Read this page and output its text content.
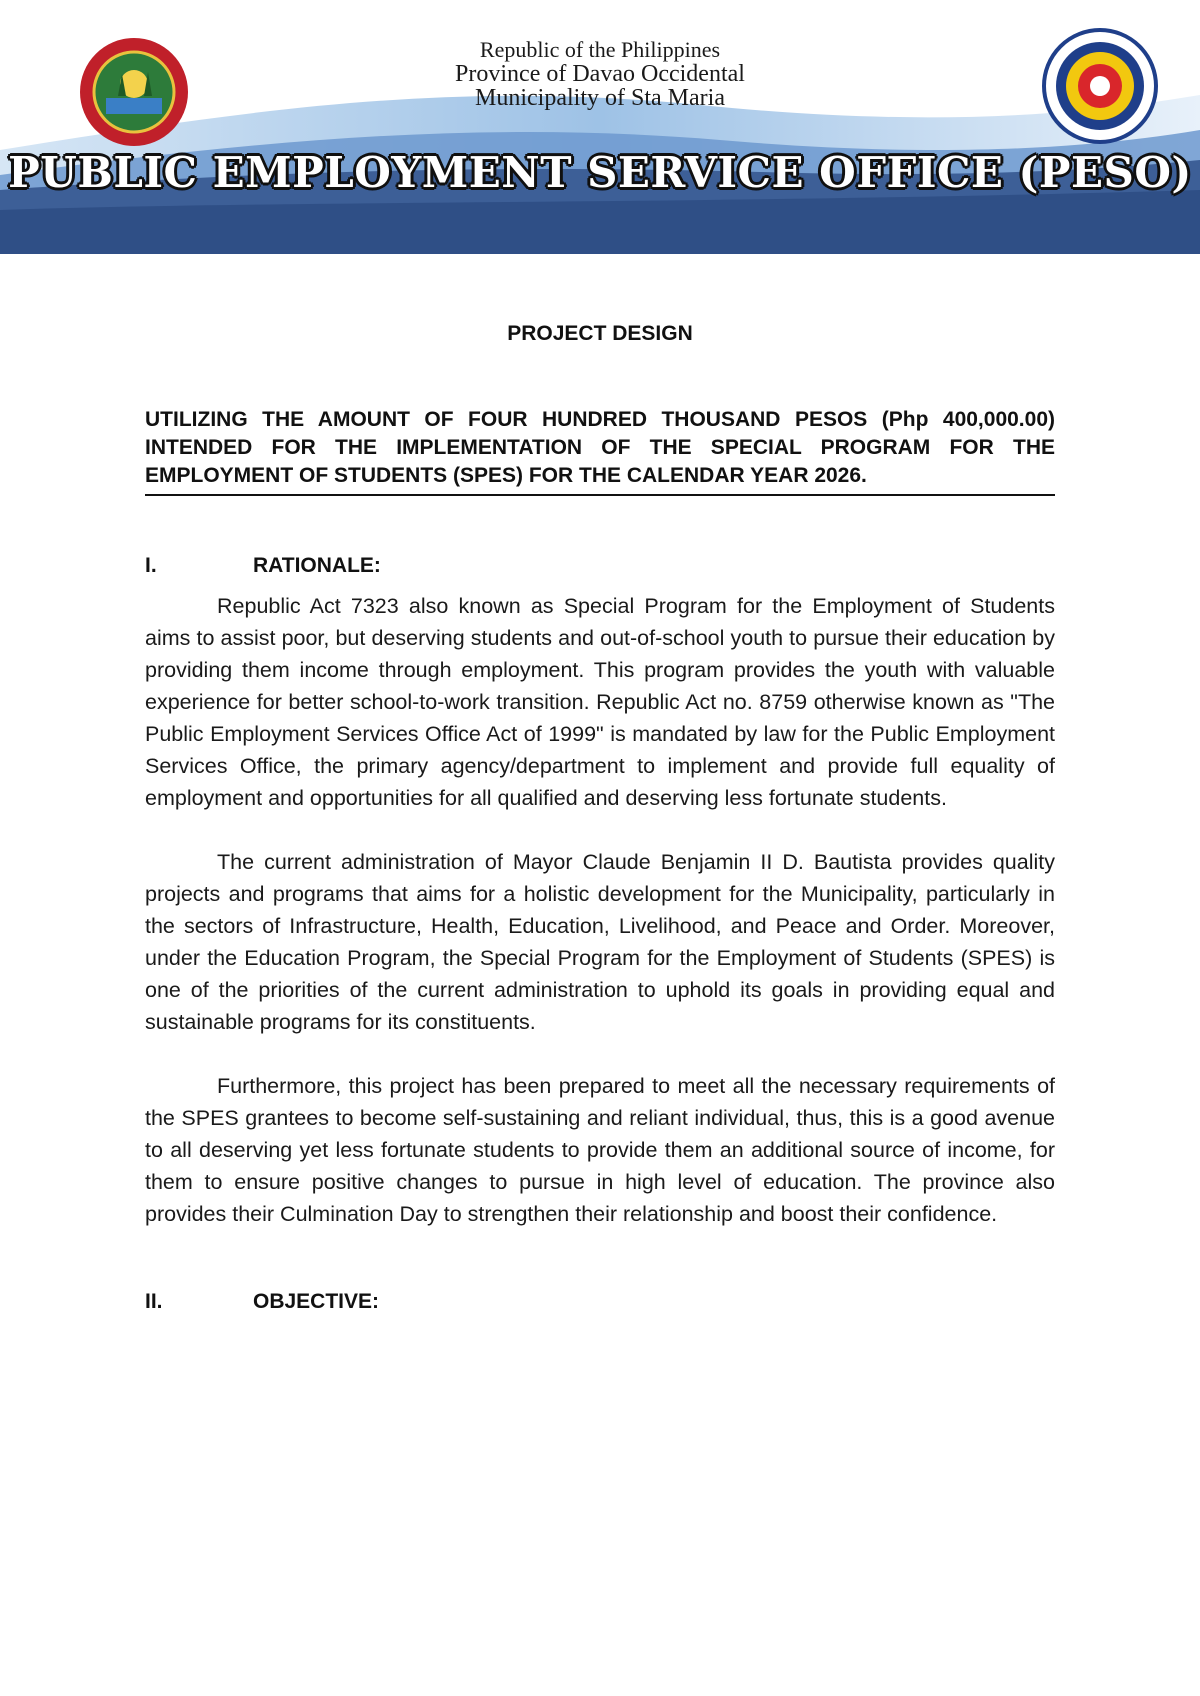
Republic of the Philippines
Province of Davao Occidental
Municipality of Sta Maria
PUBLIC EMPLOYMENT SERVICE OFFICE (PESO)
PROJECT DESIGN
UTILIZING THE AMOUNT OF FOUR HUNDRED THOUSAND PESOS (Php 400,000.00) INTENDED FOR THE IMPLEMENTATION OF THE SPECIAL PROGRAM FOR THE EMPLOYMENT OF STUDENTS (SPES) FOR THE CALENDAR YEAR 2026.
I.	RATIONALE:

Republic Act 7323 also known as Special Program for the Employment of Students aims to assist poor, but deserving students and out-of-school youth to pursue their education by providing them income through employment. This program provides the youth with valuable experience for better school-to-work transition. Republic Act no. 8759 otherwise known as "The Public Employment Services Office Act of 1999" is mandated by law for the Public Employment Services Office, the primary agency/department to implement and provide full equality of employment and opportunities for all qualified and deserving less fortunate students.

The current administration of Mayor Claude Benjamin II D. Bautista provides quality projects and programs that aims for a holistic development for the Municipality, particularly in the sectors of Infrastructure, Health, Education, Livelihood, and Peace and Order. Moreover, under the Education Program, the Special Program for the Employment of Students (SPES) is one of the priorities of the current administration to uphold its goals in providing equal and sustainable programs for its constituents.

Furthermore, this project has been prepared to meet all the necessary requirements of the SPES grantees to become self-sustaining and reliant individual, thus, this is a good avenue to all deserving yet less fortunate students to provide them an additional source of income, for them to ensure positive changes to pursue in high level of education. The province also provides their Culmination Day to strengthen their relationship and boost their confidence.

II.	OBJECTIVE:
